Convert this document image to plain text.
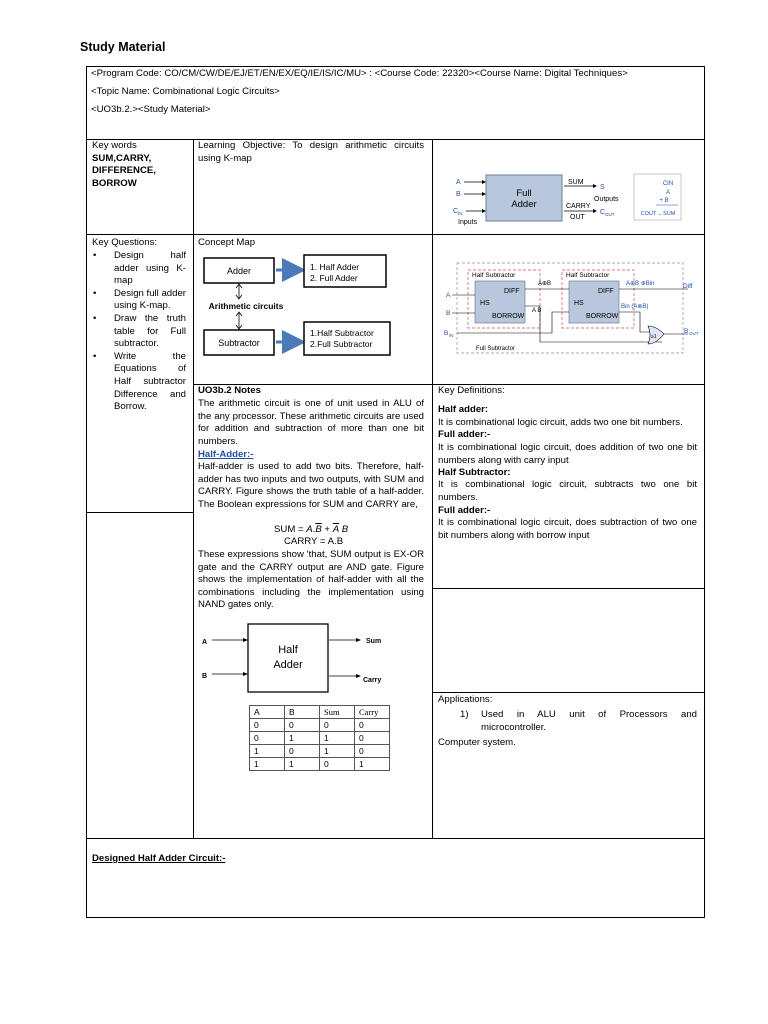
Study Material
<Program Code: CO/CM/CW/DE/EJ/ET/EN/EX/EQ/IE/IS/IC/MU> : <Course Code: 22320><Course Name: Digital Techniques>
<Topic Name: Combinational Logic Circuits>
<UO3b.2.><Study Material>
Key words
SUM,CARRY,
DIFFERENCE,
BORROW
Learning Objective: To design arithmetic circuits using K-map
Key Questions:
• Design half adder using K-map
• Design full adder using K-map.
• Draw the truth table for Full subtractor.
• Write the Equations of Half subtractor Difference and Borrow.
Concept Map
Adder
Subtractor
Arithmetic circuits
1. Half Adder
2. Full Adder
1.Half Subtractor
2.Full Subtractor
Full
Adder
A
B
C IN
Inputs
SUM
S
Outputs
CARRY
OUT
C OUT
CIN
A
+ B
COUT ←SUM
Half Subtractor
DIFF
HS
BORROW
Half Subtractor
DIFF
HS
BORROW
A
B
B IN
A⊕B
A B
A⊕B ⊕Bin	Diff
Bin (A⊕B)
≥1
B OUT
Full Subtractor
UO3b.2 Notes
The arithmetic circuit is one of unit used in ALU of the any processor. These arithmetic circuits are used for addition and subtraction of more than one bit numbers.
Half-Adder:-
Half-adder is used to add two bits. Therefore, half-adder has two inputs and two outputs, with SUM and CARRY. Figure shows the truth table of a half-adder. The Boolean expressions for SUM and CARRY are,
SUM = $A.\overline{B} + \overline{A}$ B
CARRY = A.B
These expressions show 'that, SUM output is EX-OR gate and the CARRY output are AND gate. Figure shows the implementation of half-adder with all the combinations including the implementation using NAND gates only.
Half
Adder
A
B
Sum
Carry
A	B	Sum	Carry
0	0	0	0
0	1	1	0
1	0	1	0
1	1	0	1
Key Definitions:
Half adder:
It is combinational logic circuit, adds two one bit numbers.
Full adder:-
It is combinational logic circuit, does addition of two one bit numbers along with carry input
Half Subtractor:
It is combinational logic circuit, subtracts two one bit numbers.
Full adder:-
It is combinational logic circuit, does subtraction of two one bit numbers along with borrow input
Applications:
1) Used in ALU unit of Processors and microcontroller.
Computer system.
Designed Half Adder Circuit:-
